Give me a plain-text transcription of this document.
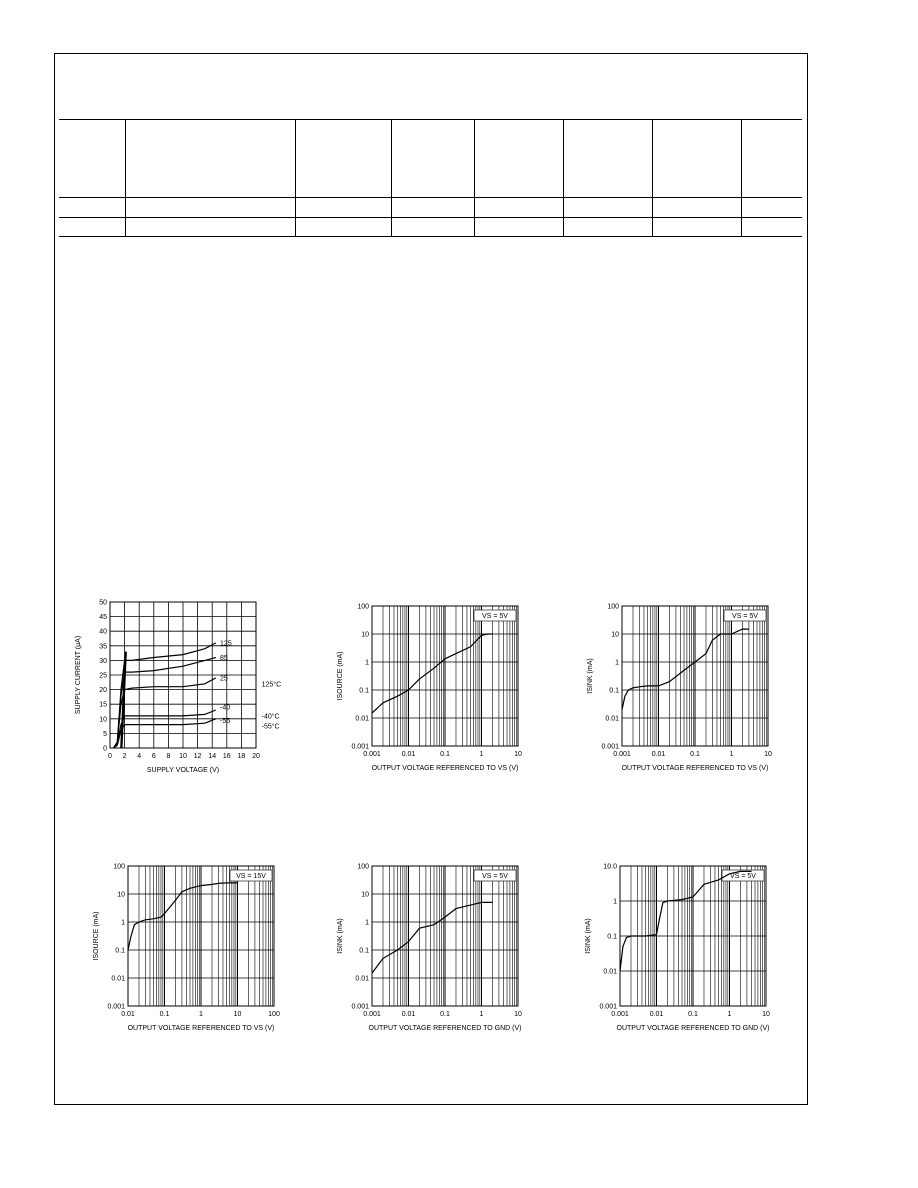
0 2 4 6 8 10 12 14 16 18 20
0
5
10
15
20
25
30
35
40
45
50
SUPPLY VOLTAGE (V)
SUPPLY CURRENT (µA)	125
85
25
-40
-55
125°C
-40°C
-55°C
0.001	0.01	0.1	1	10
0.001
0.01
0.1
1
10
100
OUTPUT VOLTAGE REFERENCED TO VS (V)
ISOURCE (mA)
VS = 5V
0.001	0.01	0.1	1	10
0.001
0.01
0.1
1
10
100
OUTPUT VOLTAGE REFERENCED TO VS (V)
ISINK (mA)
VS = 5V
0.01	0.1	1	10	100
0.001
0.01
0.1
1
10
100
OUTPUT VOLTAGE REFERENCED TO VS (V)
ISOURCE (mA)
VS = 15V
0.001	0.01	0.1	1	10
0.001
0.01
0.1
1
10
100
OUTPUT VOLTAGE REFERENCED TO GND (V)
ISINK (mA)
VS = 5V
0.001	0.01	0.1	1	10
0.001
0.01
0.1
1
10.0
OUTPUT VOLTAGE REFERENCED TO GND (V)
ISINK (mA)
VS = 5V
